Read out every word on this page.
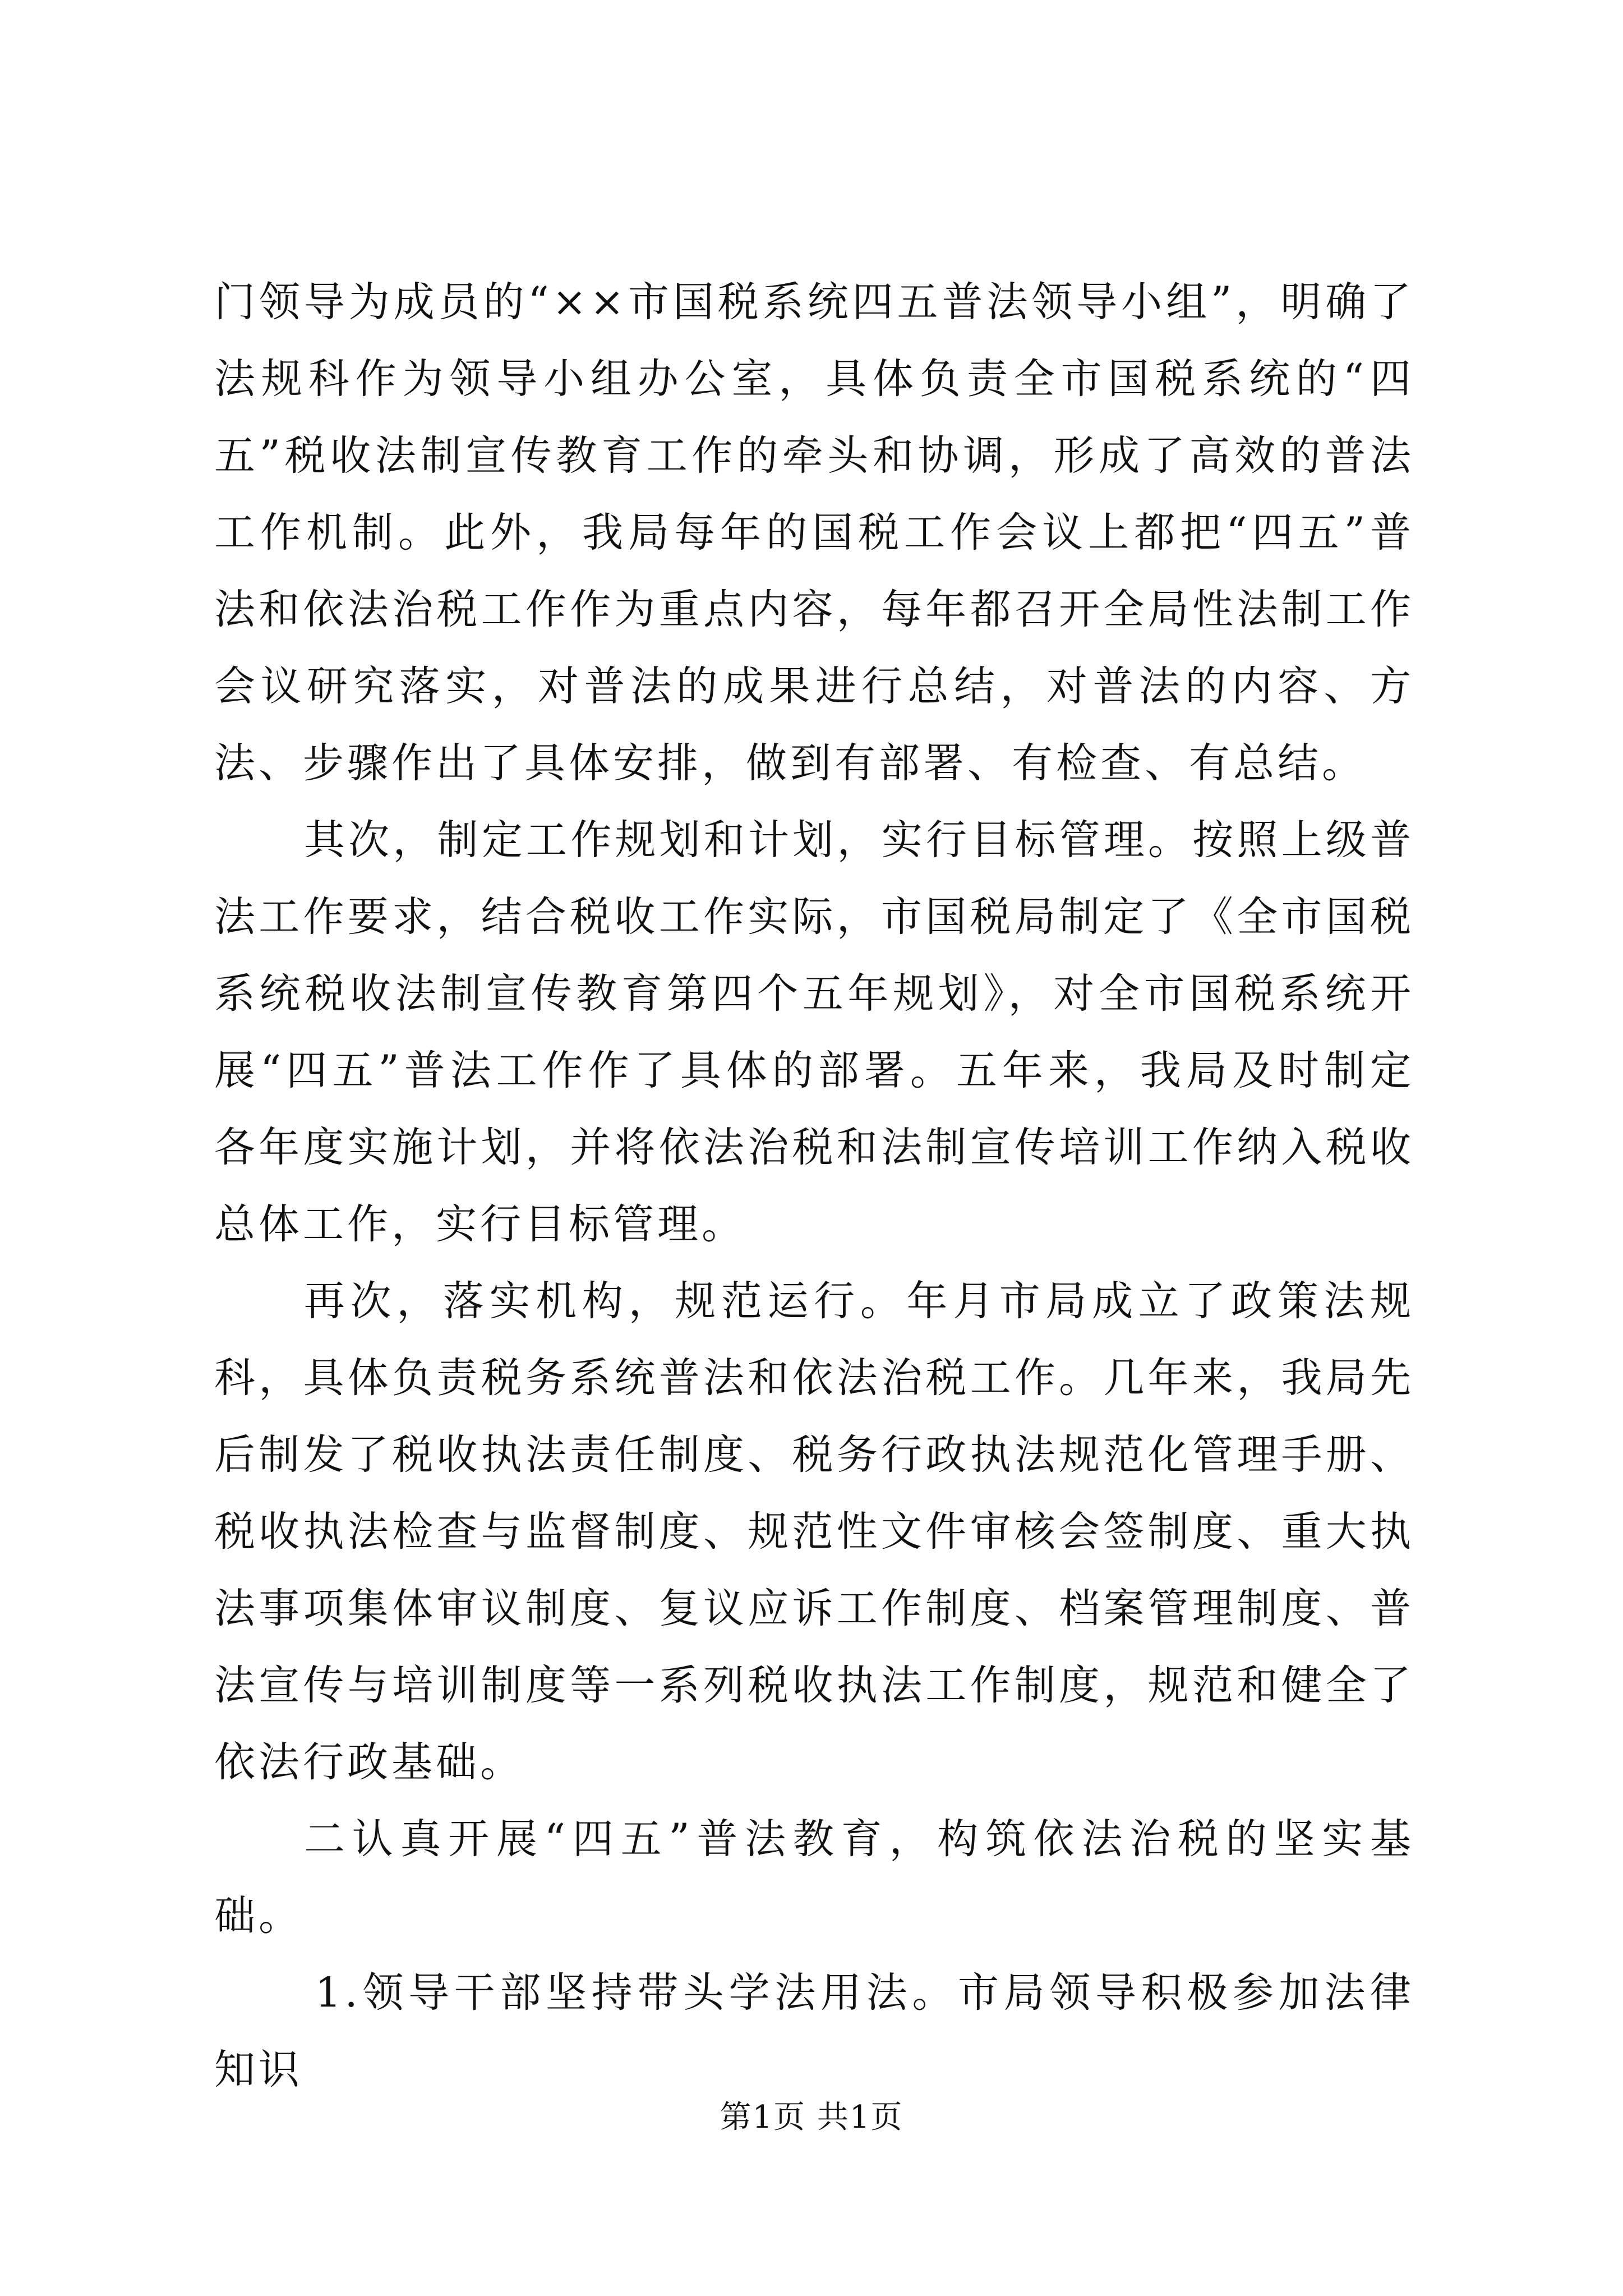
门领导为成员的“××市国税系统四五普法领导小组”，明确了法规科作为领导小组办公室，具体负责全市国税系统的“四五”税收法制宣传教育工作的牵头和协调，形成了高效的普法工作机制。此外，我局每年的国税工作会议上都把“四五”普法和依法治税工作作为重点内容，每年都召开全局性法制工作会议研究落实，对普法的成果进行总结，对普法的内容、方法、步骤作出了具体安排，做到有部署、有检查、有总结。

其次，制定工作规划和计划，实行目标管理。按照上级普法工作要求，结合税收工作实际，市国税局制定了《全市国税系统税收法制宣传教育第四个五年规划》，对全市国税系统开展“四五”普法工作作了具体的部署。五年来，我局及时制定各年度实施计划，并将依法治税和法制宣传培训工作纳入税收总体工作，实行目标管理。

再次，落实机构，规范运行。年月市局成立了政策法规科，具体负责税务系统普法和依法治税工作。几年来，我局先后制发了税收执法责任制度、税务行政执法规范化管理手册、税收执法检查与监督制度、规范性文件审核会签制度、重大执法事项集体审议制度、复议应诉工作制度、档案管理制度、普法宣传与培训制度等一系列税收执法工作制度，规范和健全了依法行政基础。

二认真开展“四五”普法教育，构筑依法治税的坚实基础。

1.领导干部坚持带头学法用法。市局领导积极参加法律知识

第1页 共1页
